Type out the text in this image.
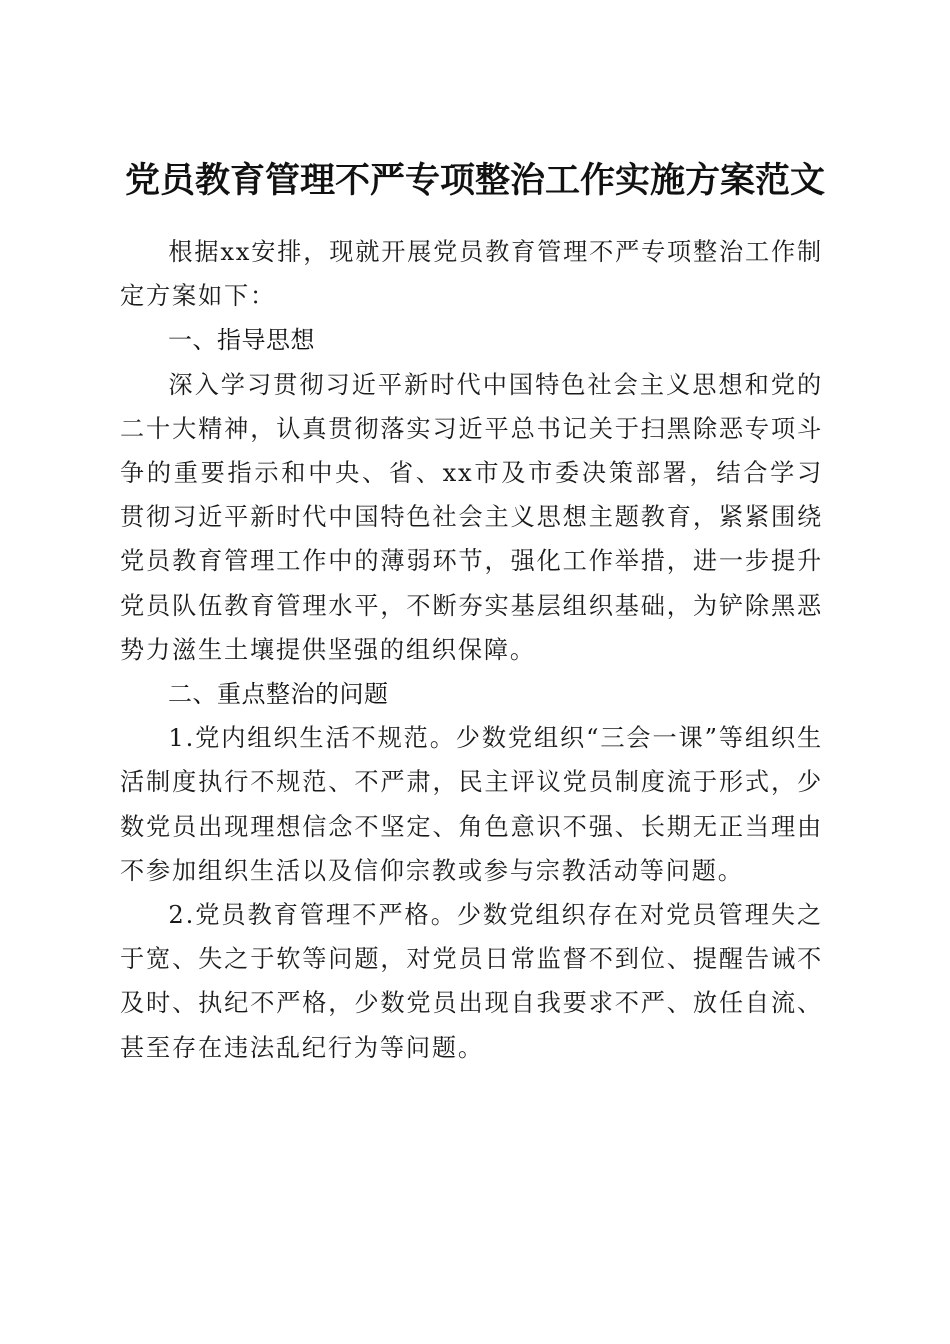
党员教育管理不严专项整治工作实施方案范文

根据xx安排，现就开展党员教育管理不严专项整治工作制定方案如下：

一、指导思想

深入学习贯彻习近平新时代中国特色社会主义思想和党的二十大精神，认真贯彻落实习近平总书记关于扫黑除恶专项斗争的重要指示和中央、省、xx市及市委决策部署，结合学习贯彻习近平新时代中国特色社会主义思想主题教育，紧紧围绕党员教育管理工作中的薄弱环节，强化工作举措，进一步提升党员队伍教育管理水平，不断夯实基层组织基础，为铲除黑恶势力滋生土壤提供坚强的组织保障。

二、重点整治的问题

1.党内组织生活不规范。少数党组织“三会一课”等组织生活制度执行不规范、不严肃，民主评议党员制度流于形式，少数党员出现理想信念不坚定、角色意识不强、长期无正当理由不参加组织生活以及信仰宗教或参与宗教活动等问题。

2.党员教育管理不严格。少数党组织存在对党员管理失之于宽、失之于软等问题，对党员日常监督不到位、提醒告诫不及时、执纪不严格，少数党员出现自我要求不严、放任自流、甚至存在违法乱纪行为等问题。
